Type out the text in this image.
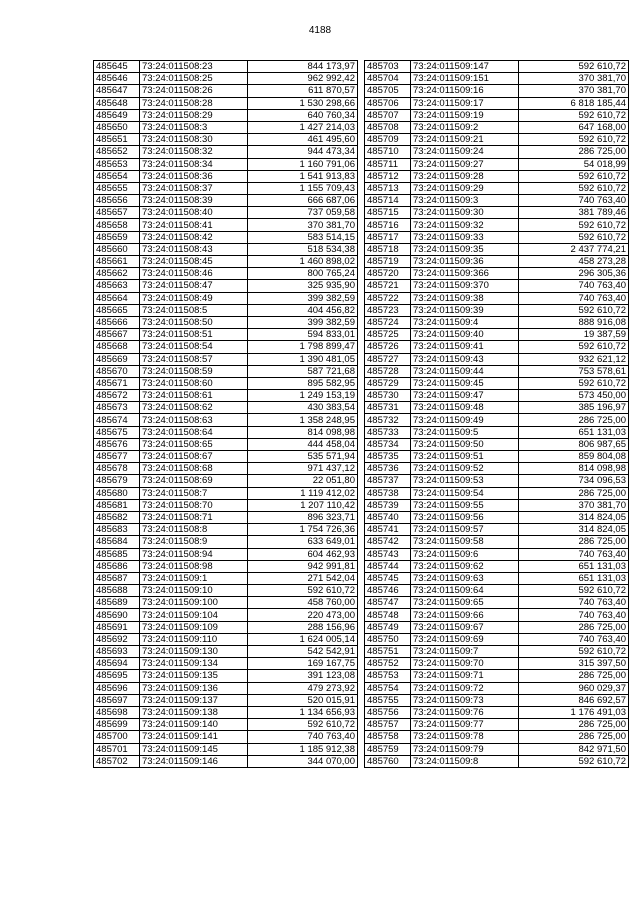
4188
485645	73:24:011508:23	844 173,97
485646	73:24:011508:25	962 992,42
485647	73:24:011508:26	611 870,57
485648	73:24:011508:28	1 530 298,66
485649	73:24:011508:29	640 760,34
485650	73:24:011508:3	1 427 214,03
485651	73:24:011508:30	461 495,60
485652	73:24:011508:32	944 473,34
485653	73:24:011508:34	1 160 791,06
485654	73:24:011508:36	1 541 913,83
485655	73:24:011508:37	1 155 709,43
485656	73:24:011508:39	666 687,06
485657	73:24:011508:40	737 059,58
485658	73:24:011508:41	370 381,70
485659	73:24:011508:42	583 514,15
485660	73:24:011508:43	518 534,38
485661	73:24:011508:45	1 460 898,02
485662	73:24:011508:46	800 765,24
485663	73:24:011508:47	325 935,90
485664	73:24:011508:49	399 382,59
485665	73:24:011508:5	404 456,82
485666	73:24:011508:50	399 382,59
485667	73:24:011508:51	594 833,01
485668	73:24:011508:54	1 798 899,47
485669	73:24:011508:57	1 390 481,05
485670	73:24:011508:59	587 721,68
485671	73:24:011508:60	895 582,95
485672	73:24:011508:61	1 249 153,19
485673	73:24:011508:62	430 383,54
485674	73:24:011508:63	1 358 248,95
485675	73:24:011508:64	814 098,98
485676	73:24:011508:65	444 458,04
485677	73:24:011508:67	535 571,94
485678	73:24:011508:68	971 437,12
485679	73:24:011508:69	22 051,80
485680	73:24:011508:7	1 119 412,02
485681	73:24:011508:70	1 207 110,42
485682	73:24:011508:71	896 323,71
485683	73:24:011508:8	1 754 726,36
485684	73:24:011508:9	633 649,01
485685	73:24:011508:94	604 462,93
485686	73:24:011508:98	942 991,81
485687	73:24:011509:1	271 542,04
485688	73:24:011509:10	592 610,72
485689	73:24:011509:100	458 760,00
485690	73:24:011509:104	220 473,00
485691	73:24:011509:109	288 156,96
485692	73:24:011509:110	1 624 005,14
485693	73:24:011509:130	542 542,91
485694	73:24:011509:134	169 167,75
485695	73:24:011509:135	391 123,08
485696	73:24:011509:136	479 273,92
485697	73:24:011509:137	520 015,91
485698	73:24:011509:138	1 134 656,93
485699	73:24:011509:140	592 610,72
485700	73:24:011509:141	740 763,40
485701	73:24:011509:145	1 185 912,38
485702	73:24:011509:146	344 070,00
485703	73:24:011509:147	592 610,72
485704	73:24:011509:151	370 381,70
485705	73:24:011509:16	370 381,70
485706	73:24:011509:17	6 818 185,44
485707	73:24:011509:19	592 610,72
485708	73:24:011509:2	647 168,00
485709	73:24:011509:21	592 610,72
485710	73:24:011509:24	286 725,00
485711	73:24:011509:27	54 018,99
485712	73:24:011509:28	592 610,72
485713	73:24:011509:29	592 610,72
485714	73:24:011509:3	740 763,40
485715	73:24:011509:30	381 789,46
485716	73:24:011509:32	592 610,72
485717	73:24:011509:33	592 610,72
485718	73:24:011509:35	2 437 774,21
485719	73:24:011509:36	458 273,28
485720	73:24:011509:366	296 305,36
485721	73:24:011509:370	740 763,40
485722	73:24:011509:38	740 763,40
485723	73:24:011509:39	592 610,72
485724	73:24:011509:4	888 916,08
485725	73:24:011509:40	19 387,59
485726	73:24:011509:41	592 610,72
485727	73:24:011509:43	932 621,12
485728	73:24:011509:44	753 578,61
485729	73:24:011509:45	592 610,72
485730	73:24:011509:47	573 450,00
485731	73:24:011509:48	385 196,97
485732	73:24:011509:49	286 725,00
485733	73:24:011509:5	651 131,03
485734	73:24:011509:50	806 987,65
485735	73:24:011509:51	859 804,08
485736	73:24:011509:52	814 098,98
485737	73:24:011509:53	734 096,53
485738	73:24:011509:54	286 725,00
485739	73:24:011509:55	370 381,70
485740	73:24:011509:56	314 824,05
485741	73:24:011509:57	314 824,05
485742	73:24:011509:58	286 725,00
485743	73:24:011509:6	740 763,40
485744	73:24:011509:62	651 131,03
485745	73:24:011509:63	651 131,03
485746	73:24:011509:64	592 610,72
485747	73:24:011509:65	740 763,40
485748	73:24:011509:66	740 763,40
485749	73:24:011509:67	286 725,00
485750	73:24:011509:69	740 763,40
485751	73:24:011509:7	592 610,72
485752	73:24:011509:70	315 397,50
485753	73:24:011509:71	286 725,00
485754	73:24:011509:72	960 029,37
485755	73:24:011509:73	846 692,57
485756	73:24:011509:76	1 176 491,03
485757	73:24:011509:77	286 725,00
485758	73:24:011509:78	286 725,00
485759	73:24:011509:79	842 971,50
485760	73:24:011509:8	592 610,72
